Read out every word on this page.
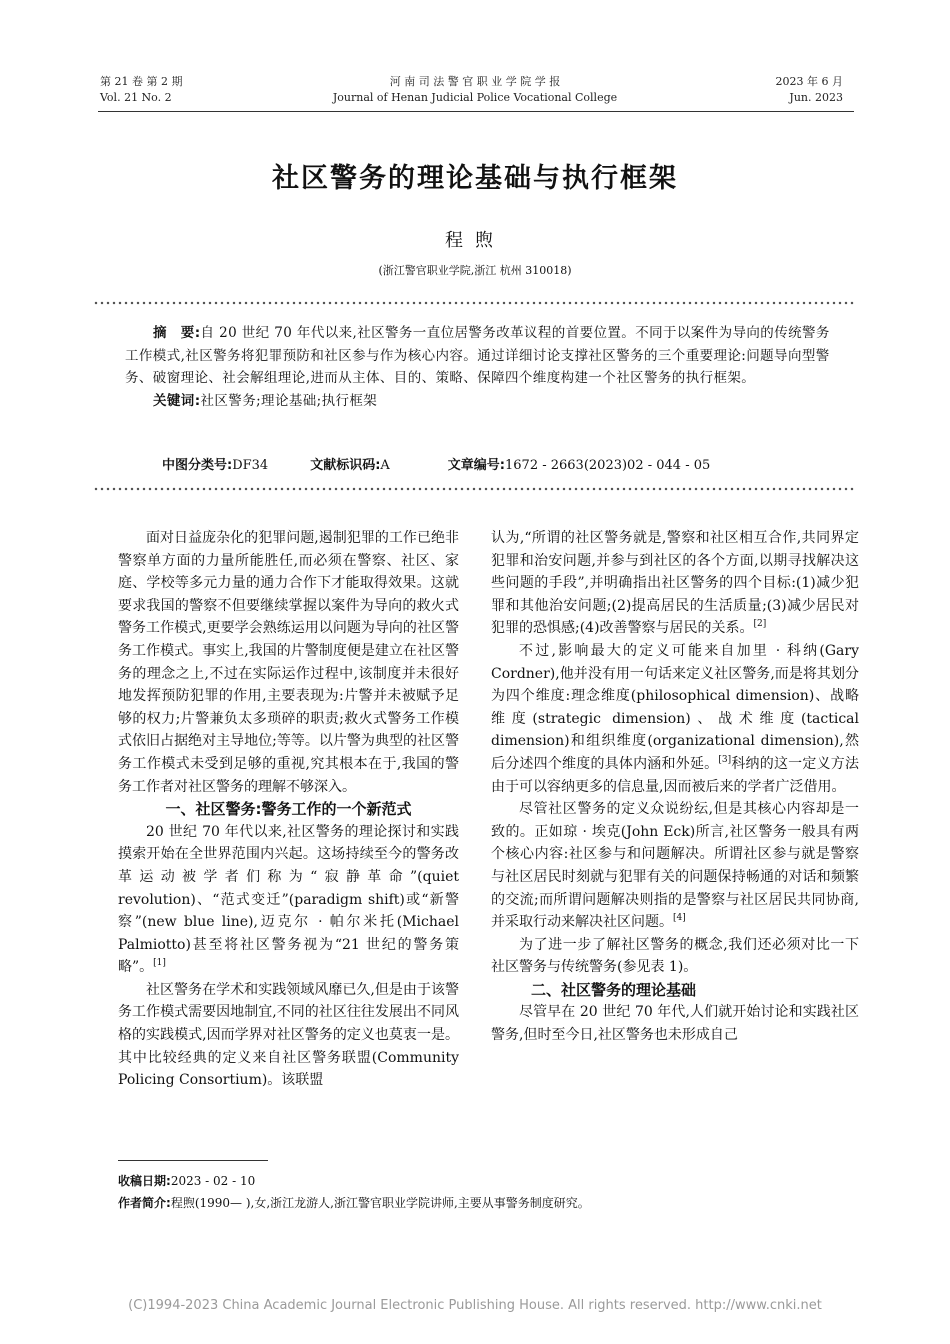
第 21 卷 第 2 期
Vol. 21 No. 2
河 南 司 法 警 官 职 业 学 院 学 报
Journal of Henan Judicial Police Vocational College
2023 年 6 月
Jun. 2023
社区警务的理论基础与执行框架
程煦
(浙江警官职业学院,浙江 杭州 310018)

摘　要:自 20 世纪 70 年代以来,社区警务一直位居警务改革议程的首要位置。不同于以案件为导向的传统警务工作模式,社区警务将犯罪预防和社区参与作为核心内容。通过详细讨论支撑社区警务的三个重要理论:问题导向型警务、破窗理论、社会解组理论,进而从主体、目的、策略、保障四个维度构建一个社区警务的执行框架。

关键词:社区警务;理论基础;执行框架

中图分类号:DF34	文献标识码:A	文章编号:1672 - 2663(2023)02 - 044 - 05

面对日益庞杂化的犯罪问题,遏制犯罪的工作已绝非警察单方面的力量所能胜任,而必须在警察、社区、家庭、学校等多元力量的通力合作下才能取得效果。这就要求我国的警察不但要继续掌握以案件为导向的救火式警务工作模式,更要学会熟练运用以问题为导向的社区警务工作模式。事实上,我国的片警制度便是建立在社区警务的理念之上,不过在实际运作过程中,该制度并未很好地发挥预防犯罪的作用,主要表现为:片警并未被赋予足够的权力;片警兼负太多琐碎的职责;救火式警务工作模式依旧占据绝对主导地位;等等。以片警为典型的社区警务工作模式未受到足够的重视,究其根本在于,我国的警务工作者对社区警务的理解不够深入。

一、社区警务:警务工作的一个新范式

20 世纪 70 年代以来,社区警务的理论探讨和实践摸索开始在全世界范围内兴起。这场持续至今的警务改革运动被学者们称为“寂静革命”(quiet revolution)、“范式变迁”(paradigm shift)或“新警察”(new blue line),迈克尔 · 帕尔米托(Michael Palmiotto)甚至将社区警务视为“21 世纪的警务策略”。[1]

社区警务在学术和实践领域风靡已久,但是由于该警务工作模式需要因地制宜,不同的社区往往发展出不同风格的实践模式,因而学界对社区警务的定义也莫衷一是。其中比较经典的定义来自社区警务联盟(Community Policing Consortium)。该联盟

认为,“所谓的社区警务就是,警察和社区相互合作,共同界定犯罪和治安问题,并参与到社区的各个方面,以期寻找解决这些问题的手段”,并明确指出社区警务的四个目标:(1)减少犯罪和其他治安问题;(2)提高居民的生活质量;(3)减少居民对犯罪的恐惧感;(4)改善警察与居民的关系。[2]

不过,影响最大的定义可能来自加里 · 科纳(Gary Cordner),他并没有用一句话来定义社区警务,而是将其划分为四个维度:理念维度(philosophical dimension)、战略维度(strategic dimension)、战术维度(tactical dimension)和组织维度(organizational dimension),然后分述四个维度的具体内涵和外延。[3]科纳的这一定义方法由于可以容纳更多的信息量,因而被后来的学者广泛借用。

尽管社区警务的定义众说纷纭,但是其核心内容却是一致的。正如琼 · 埃克(John Eck)所言,社区警务一般具有两个核心内容:社区参与和问题解决。所谓社区参与就是警察与社区居民时刻就与犯罪有关的问题保持畅通的对话和频繁的交流;而所谓问题解决则指的是警察与社区居民共同协商,并采取行动来解决社区问题。[4]

为了进一步了解社区警务的概念,我们还必须对比一下社区警务与传统警务(参见表 1)。

二、社区警务的理论基础

尽管早在 20 世纪 70 年代,人们就开始讨论和实践社区警务,但时至今日,社区警务也未形成自己

收稿日期:2023 - 02 - 10

作者简介:程煦(1990— ),女,浙江龙游人,浙江警官职业学院讲师,主要从事警务制度研究。

(C)1994-2023 China Academic Journal Electronic Publishing House. All rights reserved. http://www.cnki.net
